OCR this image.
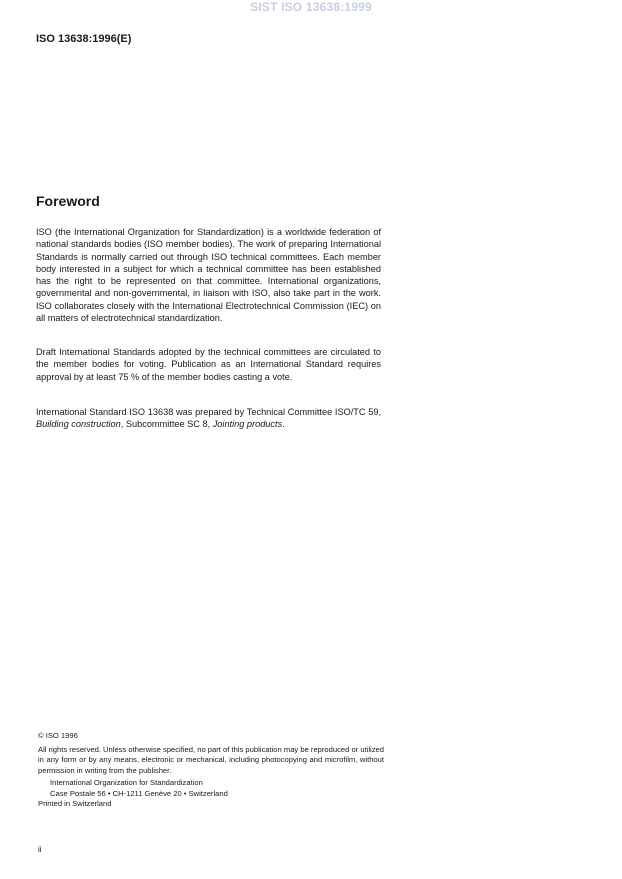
SIST ISO 13638:1999
ISO 13638:1996(E)
Foreword
ISO (the International Organization for Standardization) is a worldwide federation of national standards bodies (ISO member bodies). The work of preparing International Standards is normally carried out through ISO technical committees. Each member body interested in a subject for which a technical committee has been established has the right to be represented on that committee. International organizations, governmental and non-governmental, in liaison with ISO, also take part in the work. ISO collaborates closely with the International Electrotechnical Commission (IEC) on all matters of electrotechnical standardization.
Draft International Standards adopted by the technical committees are circulated to the member bodies for voting. Publication as an International Standard requires approval by at least 75 % of the member bodies casting a vote.
International Standard ISO 13638 was prepared by Technical Committee ISO/TC 59, Building construction, Subcommittee SC 8, Jointing products.
© ISO 1996
All rights reserved. Unless otherwise specified, no part of this publication may be reproduced or utilized in any form or by any means, electronic or mechanical, including photocopying and microfilm, without permission in writing from the publisher.
International Organization for Standardization
Case Postale 56 • CH-1211 Genève 20 • Switzerland
Printed in Switzerland
ii
